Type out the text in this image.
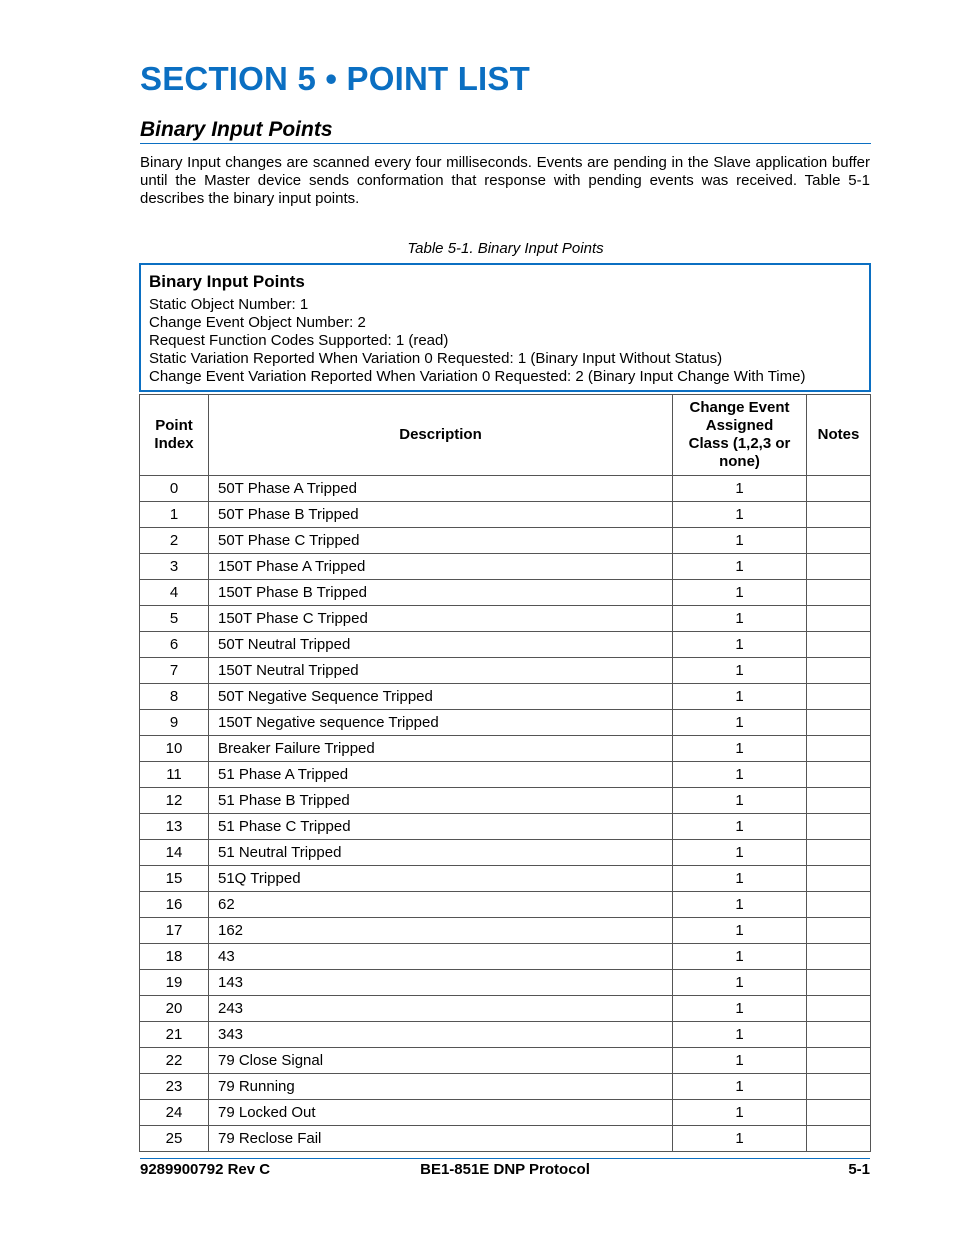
SECTION 5 • POINT LIST
Binary Input Points

Binary Input changes are scanned every four milliseconds. Events are pending in the Slave application buffer until the Master device sends conformation that response with pending events was received. Table 5-1 describes the binary input points.

Table 5-1. Binary Input Points
Binary Input Points
Static Object Number: 1
Change Event Object Number: 2
Request Function Codes Supported: 1 (read)
Static Variation Reported When Variation 0 Requested: 1 (Binary Input Without Status)
Change Event Variation Reported When Variation 0 Requested: 2 (Binary Input Change With Time)
Point
Index	Description	Change Event
Assigned
Class (1,2,3 or
none)	Notes
0	50T Phase A Tripped	1	
1	50T Phase B Tripped	1	
2	50T Phase C Tripped	1	
3	150T Phase A Tripped	1	
4	150T Phase B Tripped	1	
5	150T Phase C Tripped	1	
6	50T Neutral Tripped	1	
7	150T Neutral Tripped	1	
8	50T Negative Sequence Tripped	1	
9	150T Negative sequence Tripped	1	
10	Breaker Failure Tripped	1	
11	51 Phase A Tripped	1	
12	51 Phase B Tripped	1	
13	51 Phase C Tripped	1	
14	51 Neutral Tripped	1	
15	51Q Tripped	1	
16	62	1	
17	162	1	
18	43	1	
19	143	1	
20	243	1	
21	343	1	
22	79 Close Signal	1	
23	79 Running	1	
24	79 Locked Out	1	
25	79 Reclose Fail	1	
9289900792 Rev C	BE1-851E DNP Protocol	5-1
